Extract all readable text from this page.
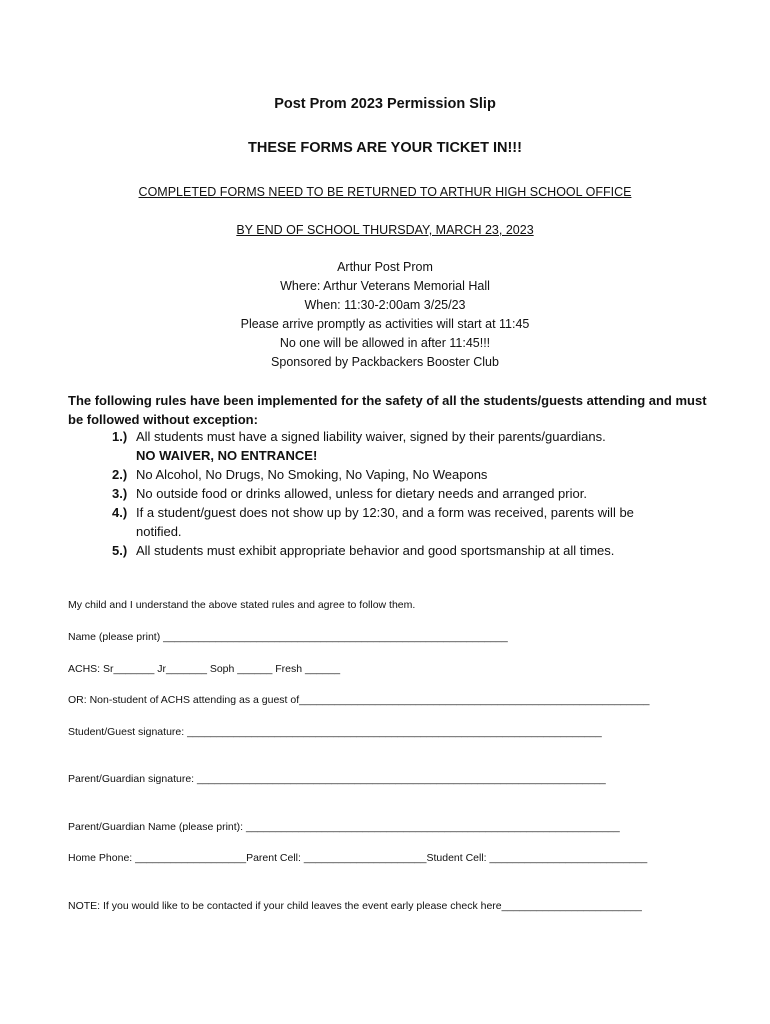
Post Prom 2023 Permission Slip
THESE FORMS ARE YOUR TICKET IN!!!
COMPLETED FORMS NEED TO BE RETURNED TO ARTHUR HIGH SCHOOL OFFICE
BY END OF SCHOOL THURSDAY, MARCH 23, 2023
Arthur Post Prom
Where: Arthur Veterans Memorial Hall
When: 11:30-2:00am 3/25/23
Please arrive promptly as activities will start at 11:45
No one will be allowed in after 11:45!!!
Sponsored by Packbackers Booster Club
The following rules have been implemented for the safety of all the students/guests attending and must be followed without exception:
1.) All students must have a signed liability waiver, signed by their parents/guardians.
NO WAIVER, NO ENTRANCE!
2.) No Alcohol, No Drugs, No Smoking, No Vaping, No Weapons
3.) No outside food or drinks allowed, unless for dietary needs and arranged prior.
4.) If a student/guest does not show up by 12:30, and a form was received, parents will be
notified.
5.) All students must exhibit appropriate behavior and good sportsmanship at all times.
My child and I understand the above stated rules and agree to follow them.
Name (please print) ___________________________________________________________
ACHS: Sr_______ Jr_______ Soph ______ Fresh ______
OR: Non-student of ACHS attending as a guest of____________________________________________________________
Student/Guest signature: _______________________________________________________________________
Parent/Guardian signature: ______________________________________________________________________
Parent/Guardian Name (please print): ________________________________________________________________
Home Phone: ___________________Parent Cell: _____________________Student Cell: ___________________________
NOTE: If you would like to be contacted if your child leaves the event early please check here________________________
